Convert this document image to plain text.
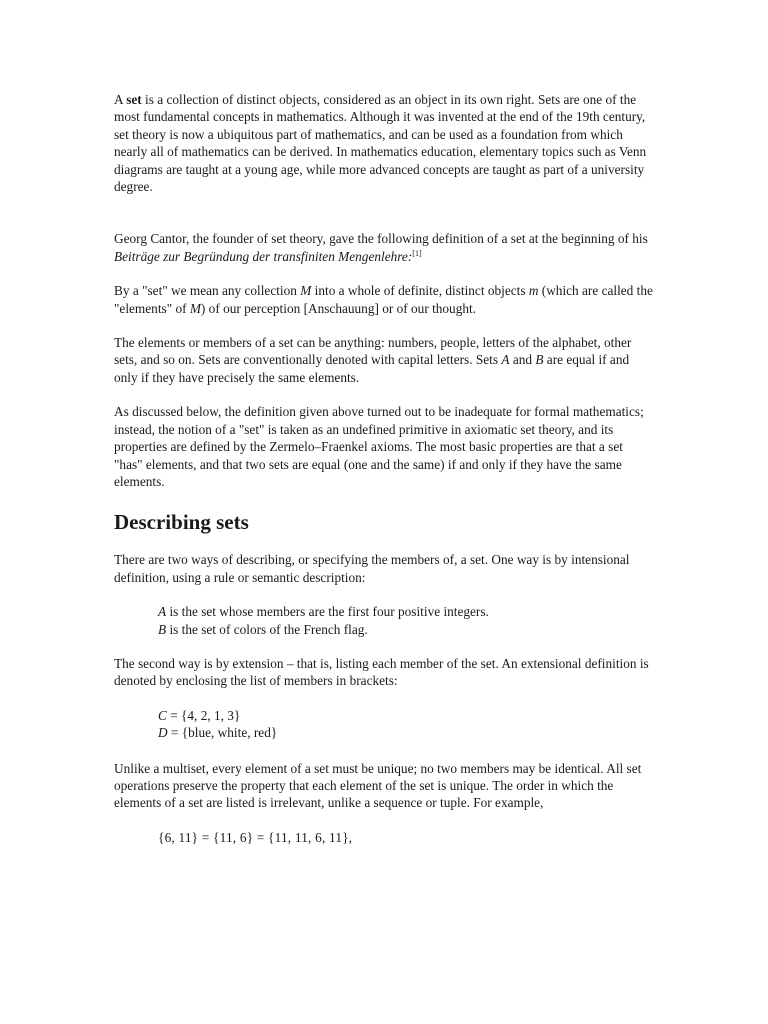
A set is a collection of distinct objects, considered as an object in its own right. Sets are one of the most fundamental concepts in mathematics. Although it was invented at the end of the 19th century, set theory is now a ubiquitous part of mathematics, and can be used as a foundation from which nearly all of mathematics can be derived. In mathematics education, elementary topics such as Venn diagrams are taught at a young age, while more advanced concepts are taught as part of a university degree.

Georg Cantor, the founder of set theory, gave the following definition of a set at the beginning of his Beiträge zur Begründung der transfiniten Mengenlehre:[1]

By a "set" we mean any collection M into a whole of definite, distinct objects m (which are called the "elements" of M) of our perception [Anschauung] or of our thought.

The elements or members of a set can be anything: numbers, people, letters of the alphabet, other sets, and so on. Sets are conventionally denoted with capital letters. Sets A and B are equal if and only if they have precisely the same elements.

As discussed below, the definition given above turned out to be inadequate for formal mathematics; instead, the notion of a "set" is taken as an undefined primitive in axiomatic set theory, and its properties are defined by the Zermelo–Fraenkel axioms. The most basic properties are that a set "has" elements, and that two sets are equal (one and the same) if and only if they have the same elements.

Describing sets

There are two ways of describing, or specifying the members of, a set. One way is by intensional definition, using a rule or semantic description:

A is the set whose members are the first four positive integers.
B is the set of colors of the French flag.

The second way is by extension – that is, listing each member of the set. An extensional definition is denoted by enclosing the list of members in brackets:

C = {4, 2, 1, 3}
D = {blue, white, red}

Unlike a multiset, every element of a set must be unique; no two members may be identical. All set operations preserve the property that each element of the set is unique. The order in which the elements of a set are listed is irrelevant, unlike a sequence or tuple. For example,

{6, 11} = {11, 6} = {11, 11, 6, 11},
